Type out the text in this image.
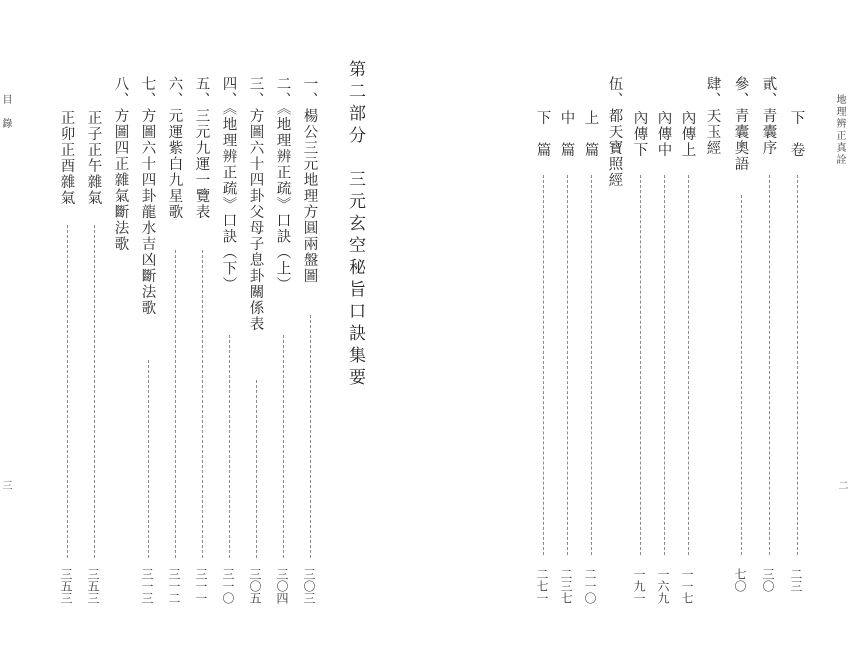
地理辨正真詮
二
下　卷
二三
貳、青囊序
三〇
參、青囊奧語
七〇
肆、天玉經
內傳上
一一七
內傳中
一六九
內傳下
一九一
伍、都天寶照經
上　篇
二一〇
中　篇
二三七
下　篇
二七一
目　錄
三
第二部分　三元玄空秘旨口訣集要
一、楊公三元地理方圓兩盤圖
三〇三
二、《地理辨正疏》口訣（上）
三〇四
三、方圖六十四卦父母子息卦關係表
三〇五
四、《地理辨正疏》口訣（下）
三一〇
五、三元九運一覽表
三一一
六、元運紫白九星歌
三一二
七、方圖六十四卦龍水吉凶斷法歌
三一三
八、方圖四正雜氣斷法歌
正子正午雜氣
三五三
正卯正酉雜氣
三五三
